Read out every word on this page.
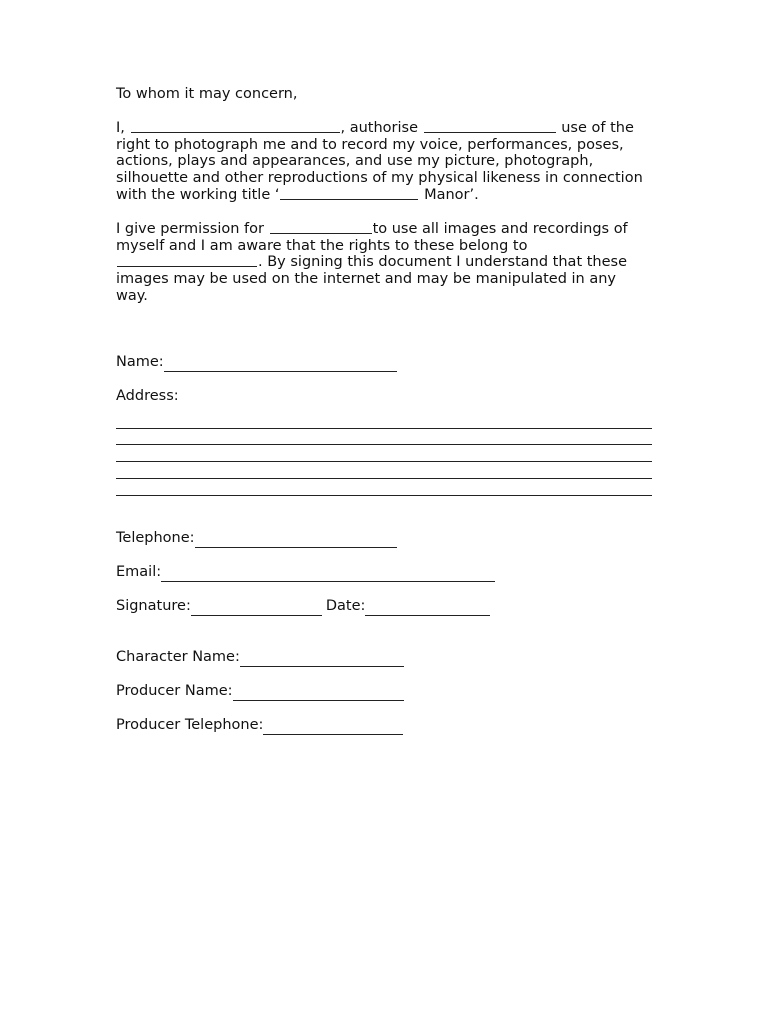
To whom it may concern,

I,	, authorise	use of the right to photograph me and to record my voice, performances, poses, actions, plays and appearances, and use my picture, photograph, silhouette and other reproductions of my physical likeness in connection with the working title ‘	Manor’.

I give permission for	to use all images and recordings of myself and I am aware that the rights to these belong to . By signing this document I understand that these images may be used on the internet and may be manipulated in any way.

Name:
Address:
Telephone:
Email:
Signature:	Date:
Character Name:
Producer Name:
Producer Telephone:
